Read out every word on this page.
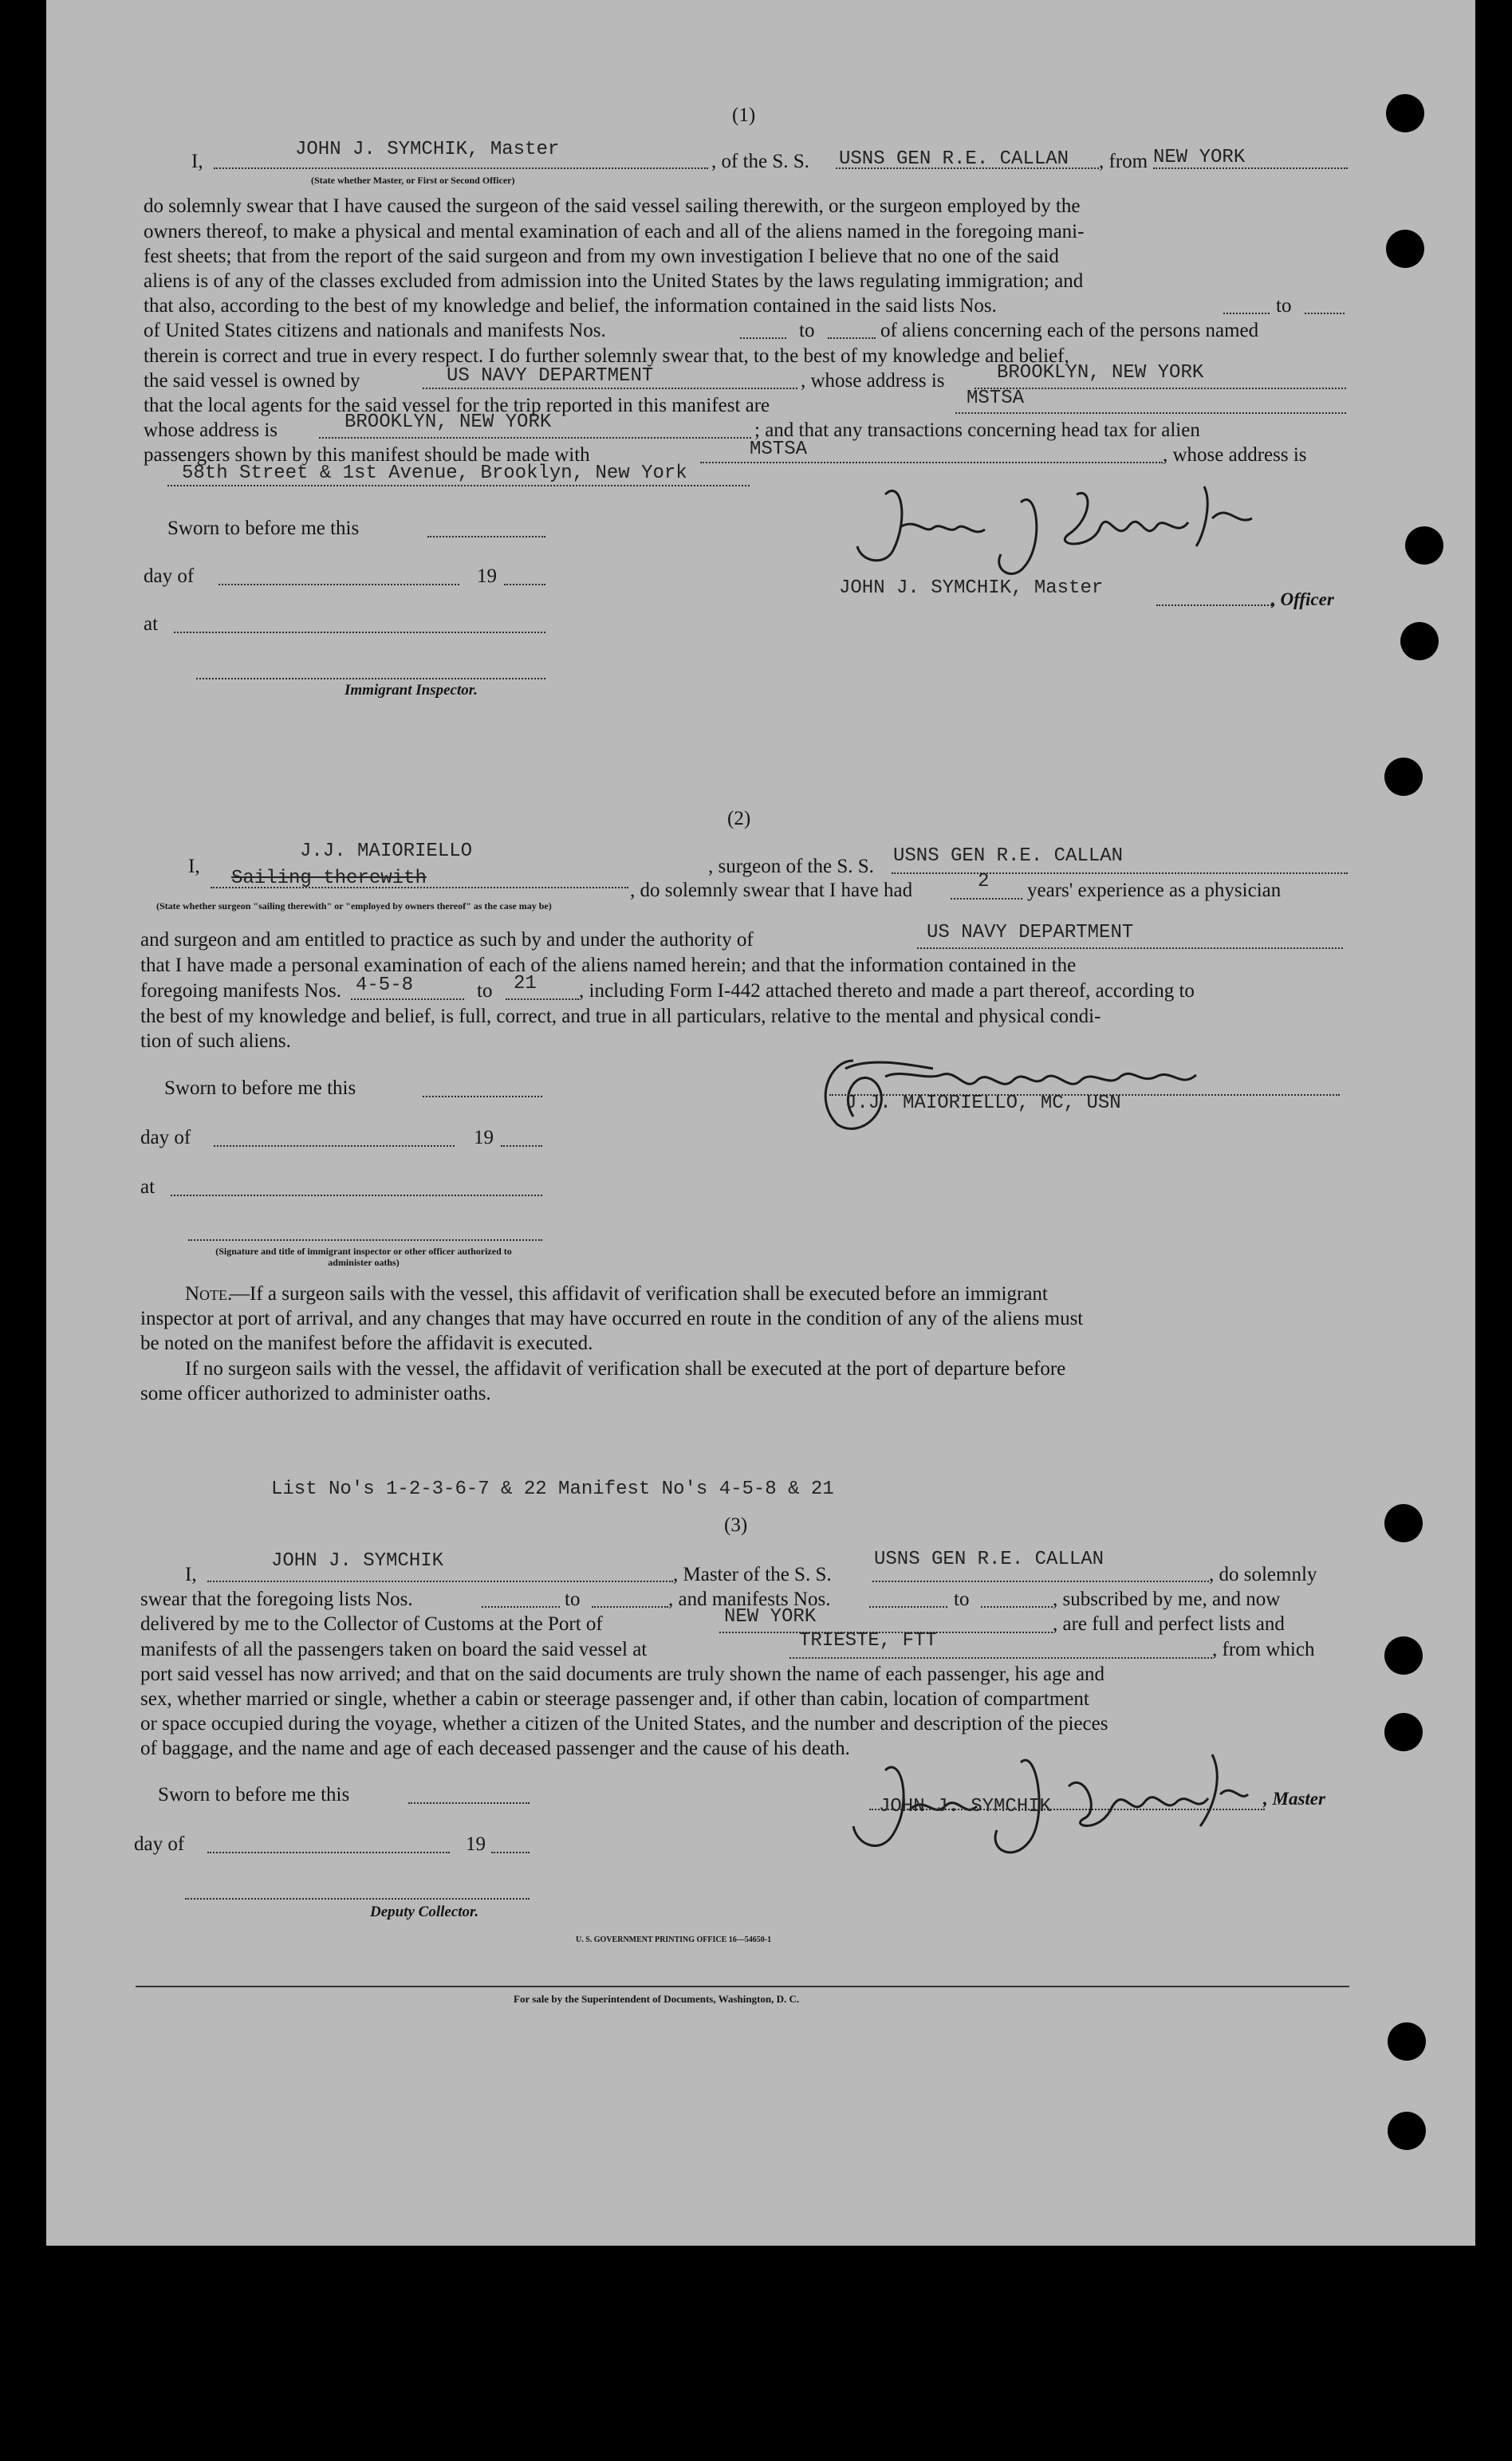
(1)
I,
JOHN J. SYMCHIK, Master
(State whether Master, or First or Second Officer)
, of the S. S. USNS GEN R.E. CALLAN , from NEW YORK
do solemnly swear that I have caused the surgeon of the said vessel sailing therewith, or the surgeon employed by the
owners thereof, to make a physical and mental examination of each and all of the aliens named in the foregoing mani-
fest sheets; that from the report of the said surgeon and from my own investigation I believe that no one of the said
aliens is of any of the classes excluded from admission into the United States by the laws regulating immigration; and
that also, according to the best of my knowledge and belief, the information contained in the said lists Nos.	to
of United States citizens and nationals and manifests Nos.	to	of aliens concerning each of the persons named
therein is correct and true in every respect. I do further solemnly swear that, to the best of my knowledge and belief,
the said vessel is owned by	US NAVY DEPARTMENT	, whose address is	BROOKLYN, NEW YORK
that the local agents for the said vessel for the trip reported in this manifest are	MSTSA
whose address is	BROOKLYN, NEW YORK	; and that any transactions concerning head tax for alien
passengers shown by this manifest should be made with	MSTSA	, whose address is
58th Street & 1st Avenue, Brooklyn, New York
Sworn to before me this
day of	19
at
Immigrant Inspector.
JOHN J. SYMCHIK, Master
, Officer
(2)
I,
J.J. MAIORIELLO
Sailing therewith
, do solemnly swear that I have had
, surgeon of the S. S. USNS GEN R.E. CALLAN
2 years' experience as a physician
(State whether surgeon "sailing therewith" or "employed by owners thereof" as the case may be)
and surgeon and am entitled to practice as such by and under the authority of	US NAVY DEPARTMENT
that I have made a personal examination of each of the aliens named herein; and that the information contained in the
foregoing manifests Nos. 4-5-8	to 21 , including Form I-442 attached thereto and made a part thereof, according to
the best of my knowledge and belief, is full, correct, and true in all particulars, relative to the mental and physical condi-
tion of such aliens.
Sworn to before me this
day of	19
at
(Signature and title of immigrant inspector or other officer authorized to administer oaths)
J.J. MAIORIELLO, MC, USN
Note.
—If a surgeon sails with the vessel, this affidavit of verification shall be executed before an immigrant
inspector at port of arrival, and any changes that may have occurred en route in the condition of any of the aliens must
be noted on the manifest before the affidavit is executed.
If no surgeon sails with the vessel, the affidavit of verification shall be executed at the port of departure before
some officer authorized to administer oaths.
List No's 1-2-3-6-7 & 22 Manifest No's 4-5-8 & 21
(3)
I,
JOHN J. SYMCHIK
, Master of the S. S.
USNS GEN R.E. CALLAN
, do solemnly
swear that the foregoing lists Nos.	to	, and manifests Nos.	to	, subscribed by me, and now
delivered by me to the Collector of Customs at the Port of	NEW YORK	, are full and perfect lists and
manifests of all the passengers taken on board the said vessel at	TRIESTE, FTT	, from which
port said vessel has now arrived; and that on the said documents are truly shown the name of each passenger, his age and
sex, whether married or single, whether a cabin or steerage passenger and, if other than cabin, location of compartment
or space occupied during the voyage, whether a citizen of the United States, and the number and description of the pieces
of baggage, and the name and age of each deceased passenger and the cause of his death.
Sworn to before me this
day of	19
Deputy Collector.
JOHN J. SYMCHIK	, Master
U. S. GOVERNMENT PRINTING OFFICE 16—54650-1
For sale by the Superintendent of Documents, Washington, D. C.
